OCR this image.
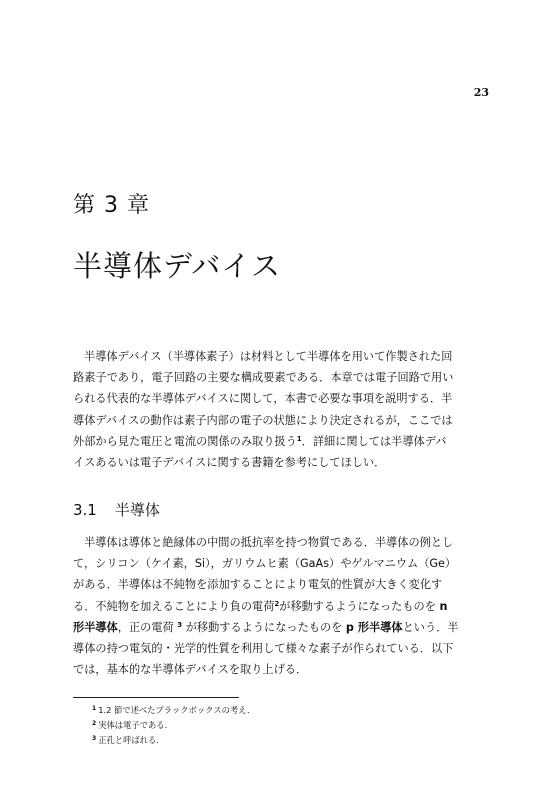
23
第 3 章
半導体デバイス
半導体デバイス（半導体素子）は材料として半導体を用いて作製された回
路素子であり，電子回路の主要な構成要素である．本章では電子回路で用い
られる代表的な半導体デバイスに関して，本書で必要な事項を説明する．半
導体デバイスの動作は素子内部の電子の状態により決定されるが，ここでは
外部から見た電圧と電流の関係のみ取り扱う$^1$．詳細に関しては半導体デバ
イスあるいは電子デバイスに関する書籍を参考にしてほしい．
3.1 半導体
半導体は導体と絶縁体の中間の抵抗率を持つ物質である．半導体の例とし
て，シリコン（ケイ素，Si），ガリウムヒ素（GaAs）やゲルマニウム（Ge）
がある．半導体は不純物を添加することにより電気的性質が大きく変化す
る．不純物を加えることにより負の電荷$^2$が移動するようになったものを n
形半導体，正の電荷 $^3$ が移動するようになったものを p 形半導体という．半
導体の持つ電気的・光学的性質を利用して様々な素子が作られている．以下
では，基本的な半導体デバイスを取り上げる．
$^1$ 1.2 節で述べたブラックボックスの考え．
$^2$ 実体は電子である．
$^3$ 正孔と呼ばれる．
